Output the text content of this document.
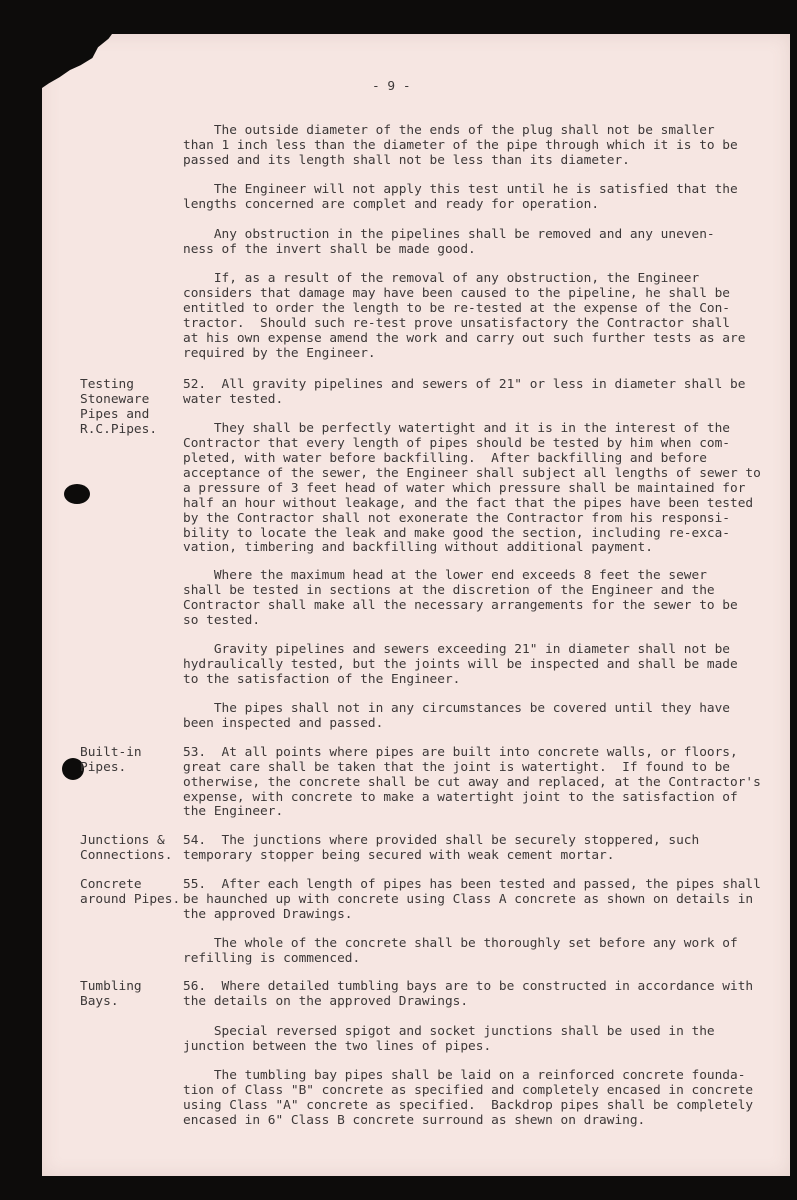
- 9 -

The outside diameter of the ends of the plug shall not be smaller

than 1 inch less than the diameter of the pipe through which it is to be

passed and its length shall not be less than its diameter.

The Engineer will not apply this test until he is satisfied that the

lengths concerned are complet and ready for operation.

Any obstruction in the pipelines shall be removed and any uneven-

ness of the invert shall be made good.

If, as a result of the removal of any obstruction, the Engineer

considers that damage may have been caused to the pipeline, he shall be

entitled to order the length to be re-tested at the expense of the Con-

tractor.  Should such re-test prove unsatisfactory the Contractor shall

at his own expense amend the work and carry out such further tests as are

required by the Engineer.

Testing

Stoneware

Pipes and

R.C.Pipes.

52.  All gravity pipelines and sewers of 21" or less in diameter shall be

water tested.

They shall be perfectly watertight and it is in the interest of the

Contractor that every length of pipes should be tested by him when com-

pleted, with water before backfilling.  After backfilling and before

acceptance of the sewer, the Engineer shall subject all lengths of sewer to

a pressure of 3 feet head of water which pressure shall be maintained for

half an hour without leakage, and the fact that the pipes have been tested

by the Contractor shall not exonerate the Contractor from his responsi-

bility to locate the leak and make good the section, including re-exca-

vation, timbering and backfilling without additional payment.

Where the maximum head at the lower end exceeds 8 feet the sewer

shall be tested in sections at the discretion of the Engineer and the

Contractor shall make all the necessary arrangements for the sewer to be

so tested.

Gravity pipelines and sewers exceeding 21" in diameter shall not be

hydraulically tested, but the joints will be inspected and shall be made

to the satisfaction of the Engineer.

The pipes shall not in any circumstances be covered until they have

been inspected and passed.

Built-in

Pipes.

53.  At all points where pipes are built into concrete walls, or floors,

great care shall be taken that the joint is watertight.  If found to be

otherwise, the concrete shall be cut away and replaced, at the Contractor's

expense, with concrete to make a watertight joint to the satisfaction of

the Engineer.

Junctions &

Connections.

54.  The junctions where provided shall be securely stoppered, such

temporary stopper being secured with weak cement mortar.

Concrete

around Pipes.

55.  After each length of pipes has been tested and passed, the pipes shall

be haunched up with concrete using Class A concrete as shown on details in

the approved Drawings.

The whole of the concrete shall be thoroughly set before any work of

refilling is commenced.

Tumbling

Bays.

56.  Where detailed tumbling bays are to be constructed in accordance with

the details on the approved Drawings.

Special reversed spigot and socket junctions shall be used in the

junction between the two lines of pipes.

The tumbling bay pipes shall be laid on a reinforced concrete founda-

tion of Class "B" concrete as specified and completely encased in concrete

using Class "A" concrete as specified.  Backdrop pipes shall be completely

encased in 6" Class B concrete surround as shewn on drawing.
